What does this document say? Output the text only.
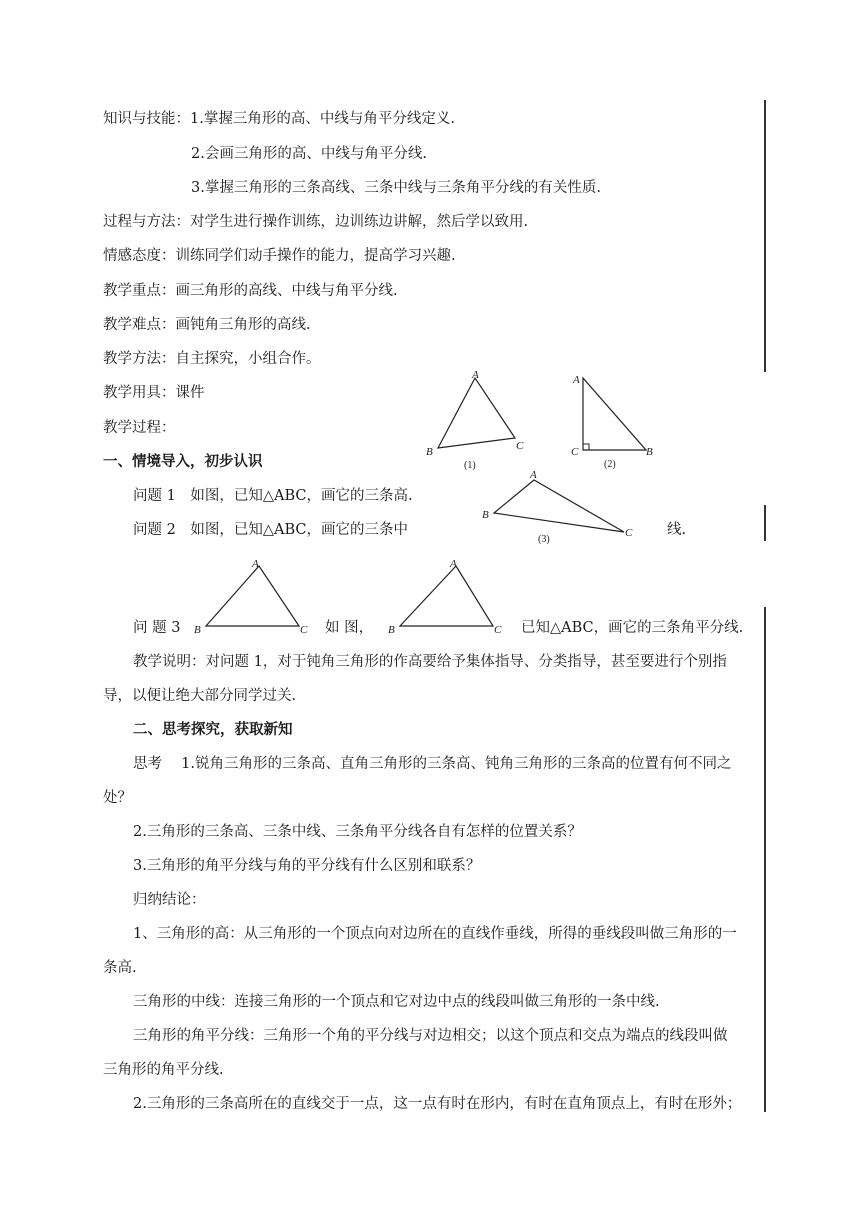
知识与技能：1.掌握三角形的高、中线与角平分线定义.
2.会画三角形的高、中线与角平分线.
3.掌握三角形的三条高线、三条中线与三条角平分线的有关性质.
过程与方法：对学生进行操作训练，边训练边讲解，然后学以致用.
情感态度：训练同学们动手操作的能力，提高学习兴趣.
教学重点：画三角形的高线、中线与角平分线.
教学难点：画钝角三角形的高线.
教学方法：自主探究，小组合作。
教学用具：课件
教学过程：
一、情境导入，初步认识
问题 1　如图，已知△ABC，画它的三条高.
问题 2　如图，已知△ABC，画它的三条中	线.
A
B	C
(1)
A
C	B
(2)
A
B
C
(3)
问 题 3
A
B	C 如 图，
A
B	C 已知△ABC，画它的三条角平分线.
教学说明：对问题 1，对于钝角三角形的作高要给予集体指导、分类指导，甚至要进行个别指
导，以便让绝大部分同学过关.
二、思考探究，获取新知
思考　 1.锐角三角形的三条高、直角三角形的三条高、钝角三角形的三条高的位置有何不同之
处？
2.三角形的三条高、三条中线、三条角平分线各自有怎样的位置关系？
3.三角形的角平分线与角的平分线有什么区别和联系？
归纳结论：
1、三角形的高：从三角形的一个顶点向对边所在的直线作垂线，所得的垂线段叫做三角形的一
条高.
三角形的中线：连接三角形的一个顶点和它对边中点的线段叫做三角形的一条中线.
三角形的角平分线：三角形一个角的平分线与对边相交；以这个顶点和交点为端点的线段叫做
三角形的角平分线.
2.三角形的三条高所在的直线交于一点，这一点有时在形内，有时在直角顶点上，有时在形外；
